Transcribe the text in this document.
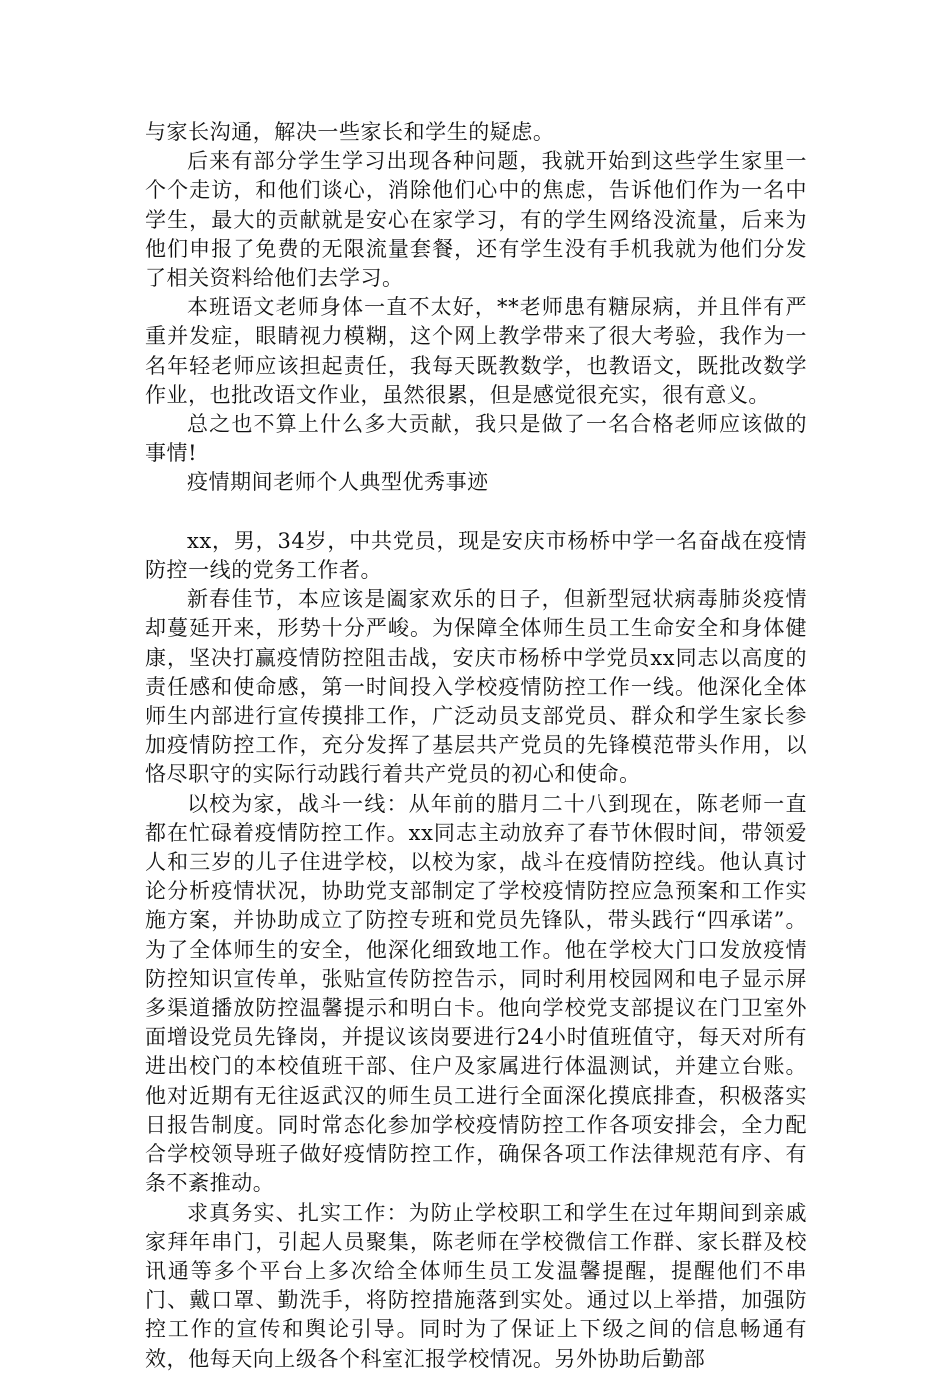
与家长沟通，解决一些家长和学生的疑虑。

后来有部分学生学习出现各种问题，我就开始到这些学生家里一个个走访，和他们谈心，消除他们心中的焦虑，告诉他们作为一名中学生，最大的贡献就是安心在家学习，有的学生网络没流量，后来为他们申报了免费的无限流量套餐，还有学生没有手机我就为他们分发了相关资料给他们去学习。

本班语文老师身体一直不太好，**老师患有糖尿病，并且伴有严重并发症，眼睛视力模糊，这个网上教学带来了很大考验，我作为一名年轻老师应该担起责任，我每天既教数学，也教语文，既批改数学作业，也批改语文作业，虽然很累，但是感觉很充实，很有意义。

总之也不算上什么多大贡献，我只是做了一名合格老师应该做的事情!

疫情期间老师个人典型优秀事迹

xx，男，34岁，中共党员，现是安庆市杨桥中学一名奋战在疫情防控一线的党务工作者。

新春佳节，本应该是阖家欢乐的日子，但新型冠状病毒肺炎疫情却蔓延开来，形势十分严峻。为保障全体师生员工生命安全和身体健康，坚决打赢疫情防控阻击战，安庆市杨桥中学党员xx同志以高度的责任感和使命感，第一时间投入学校疫情防控工作一线。他深化全体师生内部进行宣传摸排工作，广泛动员支部党员、群众和学生家长参加疫情防控工作，充分发挥了基层共产党员的先锋模范带头作用，以恪尽职守的实际行动践行着共产党员的初心和使命。

以校为家，战斗一线：从年前的腊月二十八到现在，陈老师一直都在忙碌着疫情防控工作。xx同志主动放弃了春节休假时间，带领爱人和三岁的儿子住进学校，以校为家，战斗在疫情防控线。他认真讨论分析疫情状况，协助党支部制定了学校疫情防控应急预案和工作实施方案，并协助成立了防控专班和党员先锋队，带头践行“四承诺”。为了全体师生的安全，他深化细致地工作。他在学校大门口发放疫情防控知识宣传单，张贴宣传防控告示，同时利用校园网和电子显示屏多渠道播放防控温馨提示和明白卡。他向学校党支部提议在门卫室外面增设党员先锋岗，并提议该岗要进行24小时值班值守，每天对所有进出校门的本校值班干部、住户及家属进行体温测试，并建立台账。他对近期有无往返武汉的师生员工进行全面深化摸底排查，积极落实日报告制度。同时常态化参加学校疫情防控工作各项安排会，全力配合学校领导班子做好疫情防控工作，确保各项工作法律规范有序、有条不紊推动。

求真务实、扎实工作：为防止学校职工和学生在过年期间到亲戚家拜年串门，引起人员聚集，陈老师在学校微信工作群、家长群及校讯通等多个平台上多次给全体师生员工发温馨提醒，提醒他们不串门、戴口罩、勤洗手，将防控措施落到实处。通过以上举措，加强防控工作的宣传和舆论引导。同时为了保证上下级之间的信息畅通有效，他每天向上级各个科室汇报学校情况。另外协助后勤部
